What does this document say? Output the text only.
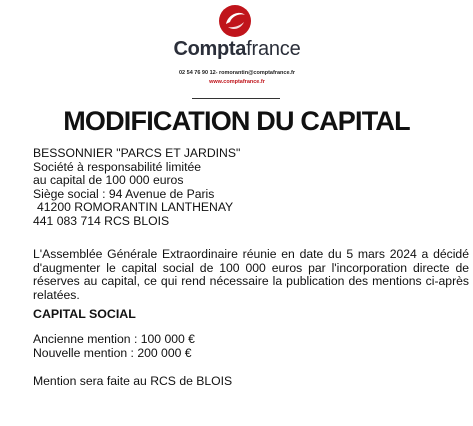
Comptafrance
02 54 76 90 12- romorantin@comptafrance.fr
www.comptafrance.fr
MODIFICATION DU CAPITAL
BESSONNIER "PARCS ET JARDINS"
Société à responsabilité limitée
au capital de 100 000 euros
Siège social : 94 Avenue de Paris
41200 ROMORANTIN LANTHENAY
441 083 714 RCS BLOIS
L'Assemblée Générale Extraordinaire réunie en date du 5 mars 2024 a décidé d'augmenter le capital social de 100 000 euros par l'incorporation directe de réserves au capital, ce qui rend nécessaire la publication des mentions ci-après relatées.
CAPITAL SOCIAL
Ancienne mention : 100 000 €
Nouvelle mention : 200 000 €
Mention sera faite au RCS de BLOIS
